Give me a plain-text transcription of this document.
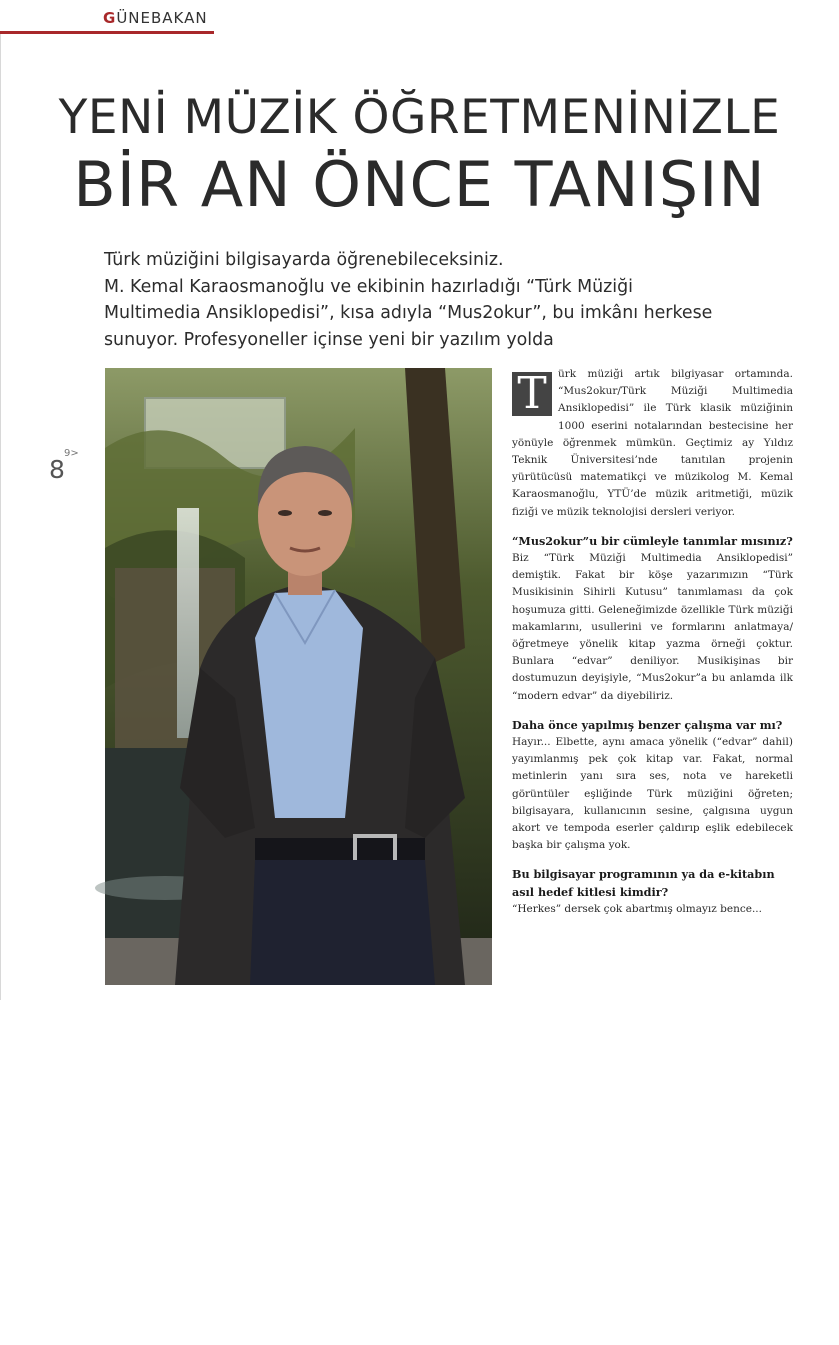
GÜNEBAKAN
YENİ MÜZİK ÖĞRETMENİNİZLE
BİR AN ÖNCE TANIŞIN
Türk müziğini bilgisayarda öğrenebileceksiniz.
M. Kemal Karaosmanoğlu ve ekibinin hazırladığı “Türk Müziği
Multimedia Ansiklopedisi”, kısa adıyla “Mus2okur”, bu imkânı herkese
sunuyor. Profesyoneller içinse yeni bir yazılım yolda
8
9>
Fotoğraf: Aykut Karadere

T	ürk müziği artık bilgiyasar ortamında. “Mus2okur/Türk Müziği Multimedia Ansiklopedisi” ile Türk klasik müziğinin 1000 eserini notalarından bestecisine her yönüyle öğrenmek mümkün. Geçtimiz ay Yıldız Teknik Üniversitesi’nde tanıtılan projenin yürütücüsü matematikçi ve müzikolog M. Kemal Karaosmanoğlu, YTÜ’de müzik aritmetiği, müzik fiziği ve müzik teknolojisi dersleri veriyor.

“Mus2okur”u bir cümleyle tanımlar mısınız?

Biz “Türk Müziği Multimedia Ansiklopedisi” demiştik. Fakat bir köşe yazarımızın “Türk Musikisinin Sihirli Kutusu” tanımlaması da çok hoşumuza gitti. Geleneğimizde özellikle Türk müziği makamlarını, usullerini ve formlarını anlatmaya/öğretmeye yönelik kitap yazma örneği çoktur. Bunlara “edvar” deniliyor. Musikişinas bir dostumuzun deyişiyle, “Mus2okur”a bu anlamda ilk “modern edvar” da diyebiliriz.

Daha önce yapılmış benzer çalışma var mı?

Hayır... Elbette, aynı amaca yönelik (“edvar” dahil) yayımlanmış pek çok kitap var. Fakat, normal metinlerin yanı sıra ses, nota ve hareketli görüntüler eşliğinde Türk müziğini öğreten; bilgisayara, kullanıcının sesine, çalgısına uygun akort ve tempoda eserler çaldırıp eşlik edebilecek başka bir çalışma yok.

Bu bilgisayar programının ya da e-kitabın asıl hedef kitlesi kimdir?

“Herkes” dersek çok abartmış olmayız bence...
